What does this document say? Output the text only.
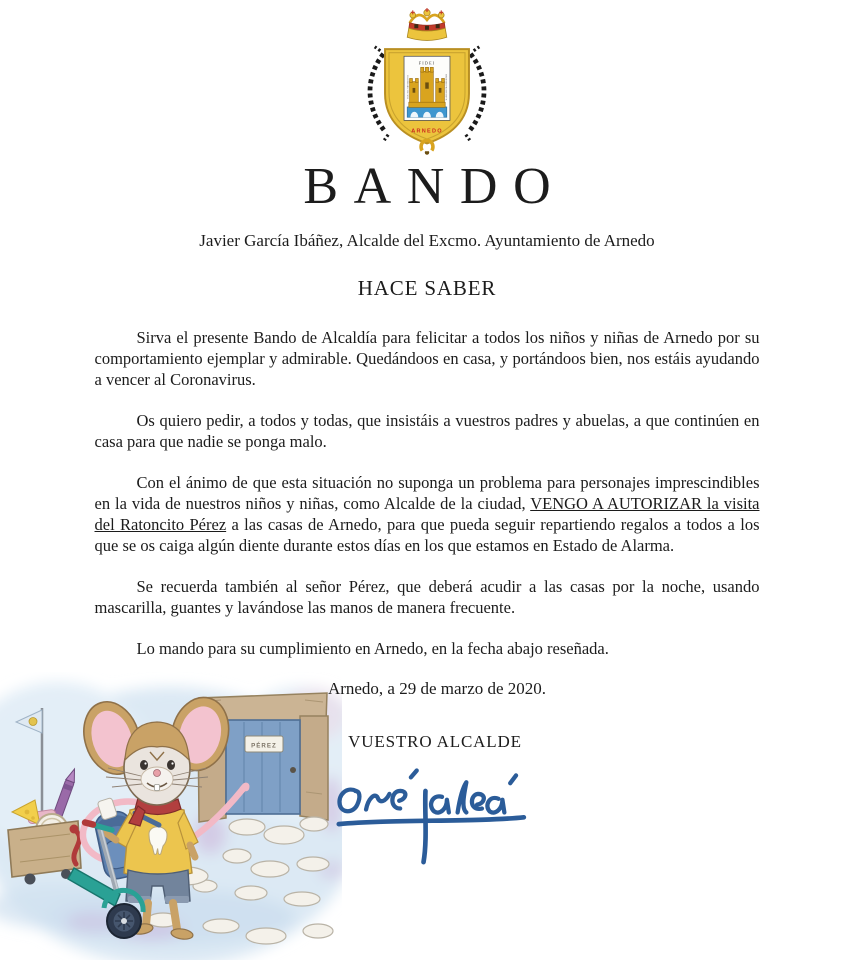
FIDEI
HOC HIC MISTERIVM	FIRMITER PROFITEMVR
ARNEDO
BANDO

Javier García Ibáñez, Alcalde del Excmo. Ayuntamiento de Arnedo

HACE SABER

Sirva el presente Bando de Alcaldía para felicitar a todos los niños y niñas de Arnedo por su comportamiento ejemplar y admirable. Quedándoos en casa, y portándoos bien, nos estáis ayudando a vencer al Coronavirus.

Os quiero pedir, a todos y todas, que insistáis a vuestros padres y abuelas, a que continúen en casa para que nadie se ponga malo.

Con el ánimo de que esta situación no suponga un problema para personajes imprescindibles en la vida de nuestros niños y niñas, como Alcalde de la ciudad, VENGO A AUTORIZAR la visita del Ratoncito Pérez a las casas de Arnedo, para que pueda seguir repartiendo regalos a todos a los que se os caiga algún diente durante estos días en los que estamos en Estado de Alarma.

Se recuerda también al señor Pérez, que deberá acudir a las casas por la noche, usando mascarilla, guantes y lavándose las manos de manera frecuente.

Lo mando para su cumplimiento en Arnedo, en la fecha abajo reseñada.

Arnedo, a 29 de marzo de 2020.

VUESTRO ALCALDE

PÉREZ
